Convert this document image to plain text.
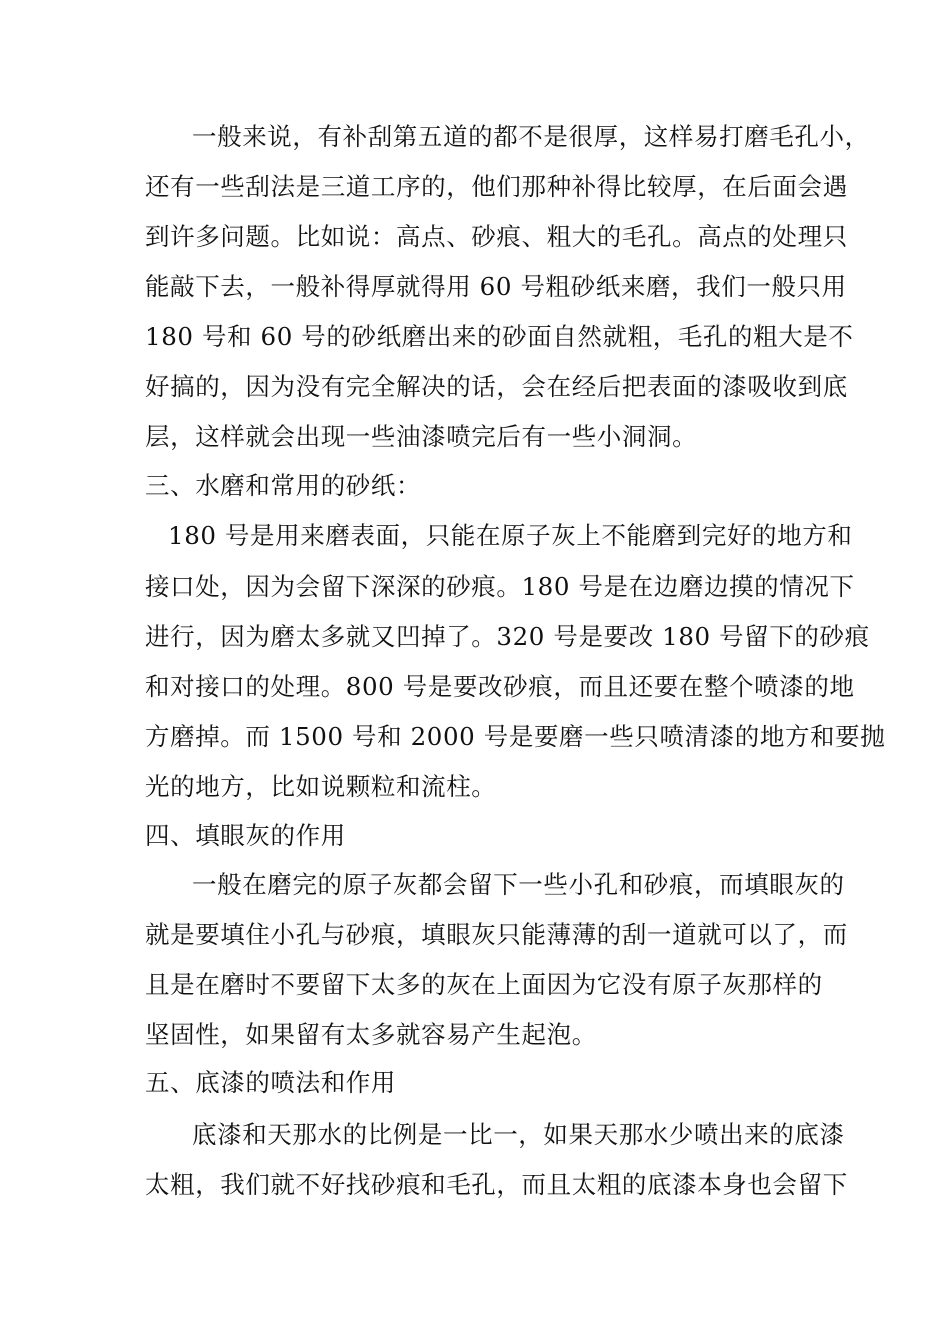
一般来说，有补刮第五道的都不是很厚，这样易打磨毛孔小，
还有一些刮法是三道工序的，他们那种补得比较厚，在后面会遇
到许多问题。比如说：高点、砂痕、粗大的毛孔。高点的处理只
能敲下去，一般补得厚就得用 60 号粗砂纸来磨，我们一般只用
180 号和 60 号的砂纸磨出来的砂面自然就粗，毛孔的粗大是不
好搞的，因为没有完全解决的话，会在经后把表面的漆吸收到底
层，这样就会出现一些油漆喷完后有一些小洞洞。
三、水磨和常用的砂纸：
180 号是用来磨表面，只能在原子灰上不能磨到完好的地方和
接口处，因为会留下深深的砂痕。180 号是在边磨边摸的情况下
进行，因为磨太多就又凹掉了。320 号是要改 180 号留下的砂痕
和对接口的处理。800 号是要改砂痕，而且还要在整个喷漆的地
方磨掉。而 1500 号和 2000 号是要磨一些只喷清漆的地方和要抛
光的地方，比如说颗粒和流柱。
四、填眼灰的作用
一般在磨完的原子灰都会留下一些小孔和砂痕，而填眼灰的
就是要填住小孔与砂痕，填眼灰只能薄薄的刮一道就可以了，而
且是在磨时不要留下太多的灰在上面因为它没有原子灰那样的
坚固性，如果留有太多就容易产生起泡。
五、底漆的喷法和作用
底漆和天那水的比例是一比一，如果天那水少喷出来的底漆
太粗，我们就不好找砂痕和毛孔，而且太粗的底漆本身也会留下
